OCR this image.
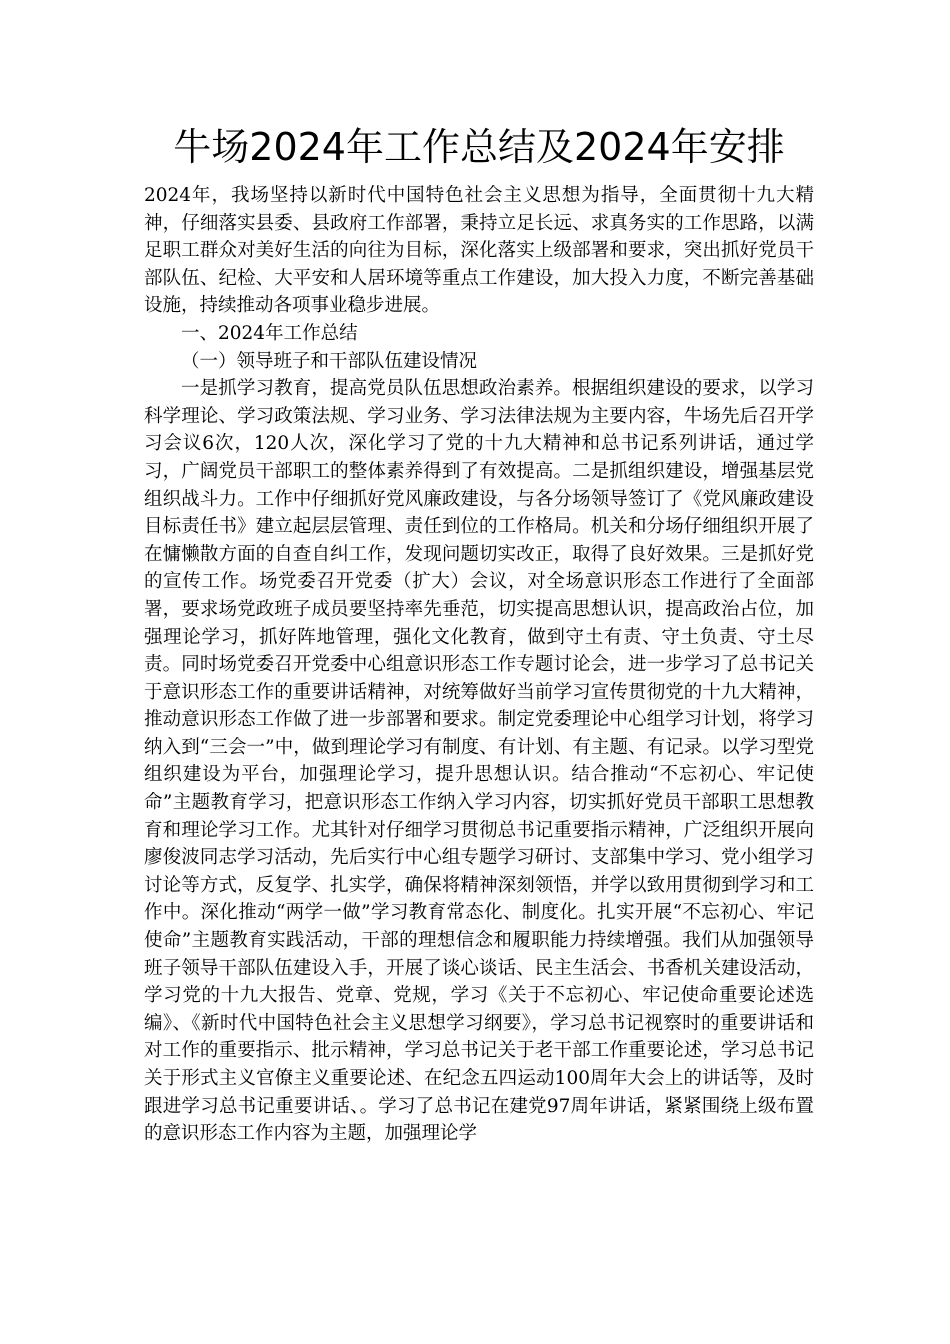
牛场2024年工作总结及2024年安排

2024年，我场坚持以新时代中国特色社会主义思想为指导，全面贯彻十九大精神，仔细落实县委、县政府工作部署，秉持立足长远、求真务实的工作思路，以满足职工群众对美好生活的向往为目标，深化落实上级部署和要求，突出抓好党员干部队伍、纪检、大平安和人居环境等重点工作建设，加大投入力度，不断完善基础设施，持续推动各项事业稳步进展。

一、2024年工作总结

（一）领导班子和干部队伍建设情况

一是抓学习教育，提高党员队伍思想政治素养。根据组织建设的要求，以学习科学理论、学习政策法规、学习业务、学习法律法规为主要内容，牛场先后召开学习会议6次，120人次，深化学习了党的十九大精神和总书记系列讲话，通过学习，广阔党员干部职工的整体素养得到了有效提高。二是抓组织建设，增强基层党组织战斗力。工作中仔细抓好党风廉政建设，与各分场领导签订了《党风廉政建设目标责任书》建立起层层管理、责任到位的工作格局。机关和分场仔细组织开展了在慵懒散方面的自查自纠工作，发现问题切实改正，取得了良好效果。三是抓好党的宣传工作。场党委召开党委（扩大）会议，对全场意识形态工作进行了全面部署，要求场党政班子成员要坚持率先垂范，切实提高思想认识，提高政治占位，加强理论学习，抓好阵地管理，强化文化教育，做到守土有责、守土负责、守土尽责。同时场党委召开党委中心组意识形态工作专题讨论会，进一步学习了总书记关于意识形态工作的重要讲话精神，对统筹做好当前学习宣传贯彻党的十九大精神，推动意识形态工作做了进一步部署和要求。制定党委理论中心组学习计划，将学习纳入到“三会一”中，做到理论学习有制度、有计划、有主题、有记录。以学习型党组织建设为平台，加强理论学习，提升思想认识。结合推动“不忘初心、牢记使命”主题教育学习，把意识形态工作纳入学习内容，切实抓好党员干部职工思想教育和理论学习工作。尤其针对仔细学习贯彻总书记重要指示精神，广泛组织开展向廖俊波同志学习活动，先后实行中心组专题学习研讨、支部集中学习、党小组学习讨论等方式，反复学、扎实学，确保将精神深刻领悟，并学以致用贯彻到学习和工作中。深化推动“两学一做”学习教育常态化、制度化。扎实开展“不忘初心、牢记使命”主题教育实践活动，干部的理想信念和履职能力持续增强。我们从加强领导班子领导干部队伍建设入手，开展了谈心谈话、民主生活会、书香机关建设活动，学习党的十九大报告、党章、党规，学习《关于不忘初心、牢记使命重要论述选编》、《新时代中国特色社会主义思想学习纲要》，学习总书记视察时的重要讲话和对工作的重要指示、批示精神，学习总书记关于老干部工作重要论述，学习总书记关于形式主义官僚主义重要论述、在纪念五四运动100周年大会上的讲话等，及时跟进学习总书记重要讲话、。学习了总书记在建党97周年讲话，紧紧围绕上级布置的意识形态工作内容为主题，加强理论学
